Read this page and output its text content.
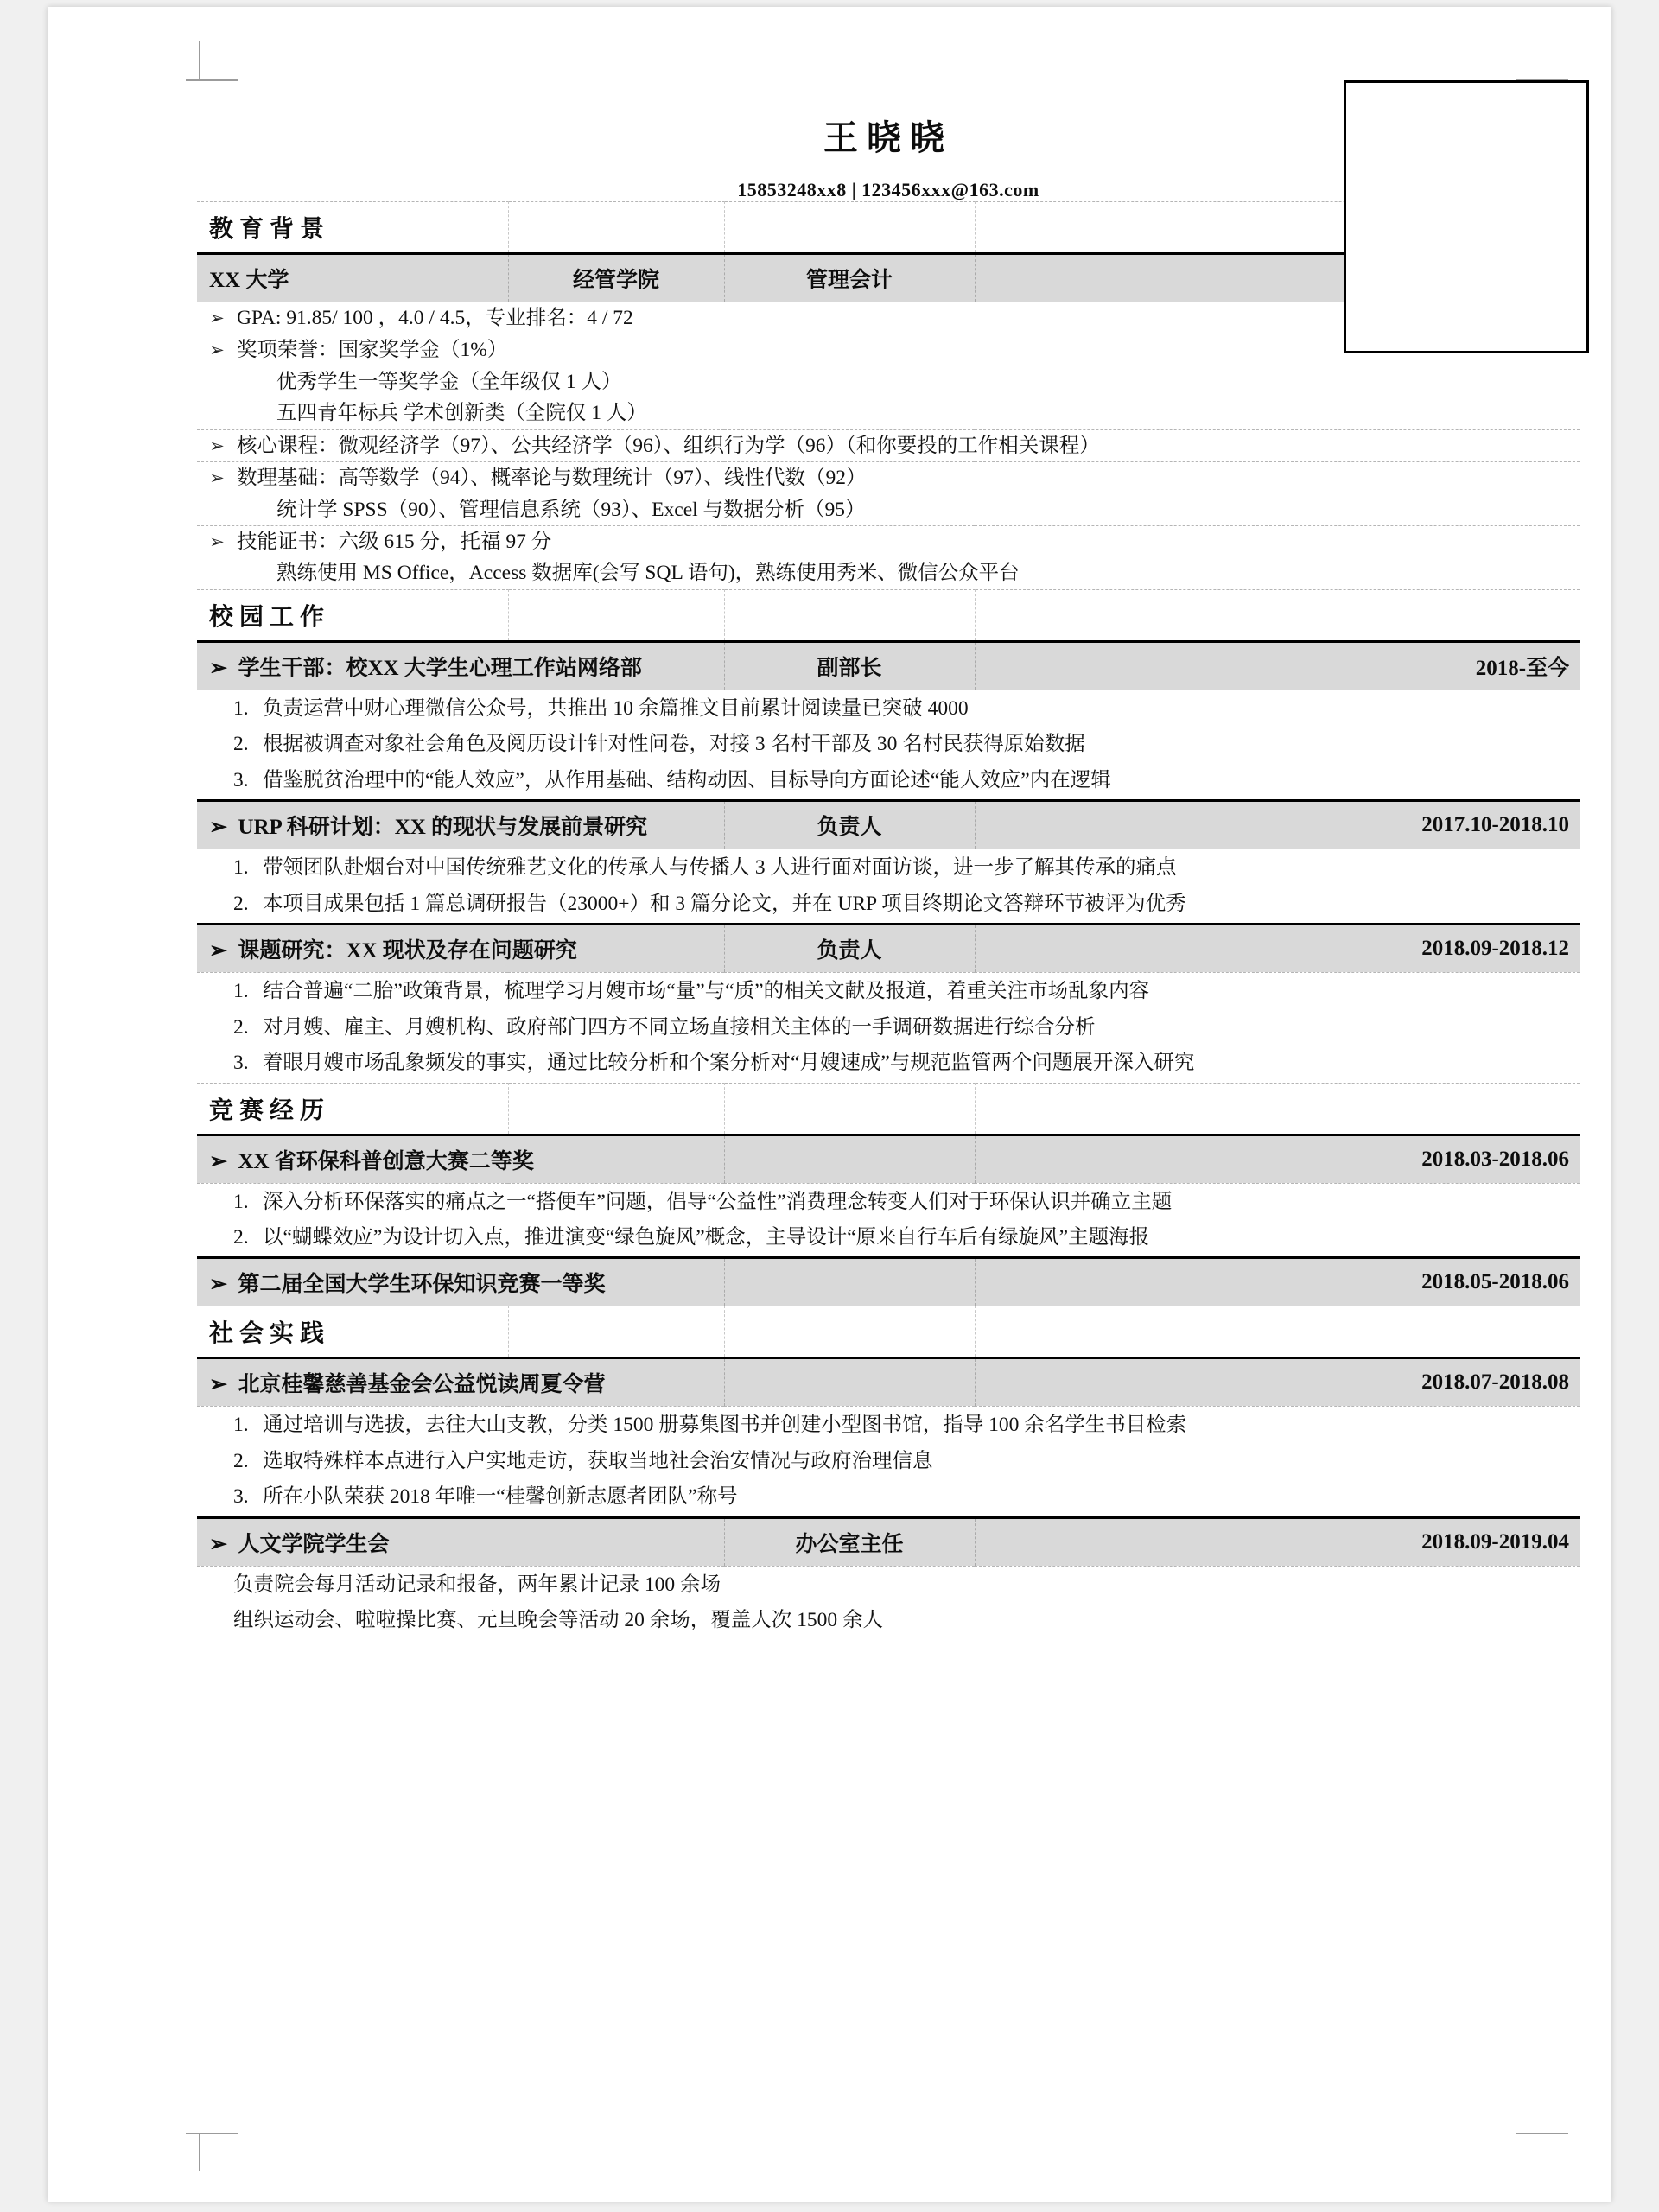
王晓晓
15853248xx8 | 123456xxx@163.com
教育背景

XX 大学	经管学院	管理会计	
➢ GPA: 91.85/ 100 ，4.0 / 4.5，专业排名：4 / 72
➢ 奖项荣誉：国家奖学金（1%）
优秀学生一等奖学金（全年级仅 1 人）
五四青年标兵 学术创新类（全院仅 1 人）
➢ 核心课程：微观经济学（97）、公共经济学（96）、组织行为学（96）（和你要投的工作相关课程）
➢ 数理基础：高等数学（94）、概率论与数理统计（97）、线性代数（92）
统计学 SPSS（90）、管理信息系统（93）、Excel 与数据分析（95）
➢ 技能证书：六级 615 分，托福 97 分
熟练使用 MS Office，Access 数据库(会写 SQL 语句)，熟练使用秀米、微信公众平台
校园工作

➢  学生干部：校XX 大学生心理工作站网络部	副部长	2018-至今
1. 负责运营中财心理微信公众号，共推出 10 余篇推文目前累计阅读量已突破 4000
2. 根据被调查对象社会角色及阅历设计针对性问卷，对接 3 名村干部及 30 名村民获得原始数据
3. 借鉴脱贫治理中的“能人效应”，从作用基础、结构动因、目标导向方面论述“能人效应”内在逻辑
➢  URP 科研计划：XX 的现状与发展前景研究	负责人	2017.10-2018.10
1. 带领团队赴烟台对中国传统雅艺文化的传承人与传播人 3 人进行面对面访谈，进一步了解其传承的痛点
2. 本项目成果包括 1 篇总调研报告（23000+）和 3 篇分论文，并在 URP 项目终期论文答辩环节被评为优秀
➢  课题研究：XX 现状及存在问题研究	负责人	2018.09-2018.12
1. 结合普遍“二胎”政策背景，梳理学习月嫂市场“量”与“质”的相关文献及报道，着重关注市场乱象内容
2. 对月嫂、雇主、月嫂机构、政府部门四方不同立场直接相关主体的一手调研数据进行综合分析
3. 着眼月嫂市场乱象频发的事实，通过比较分析和个案分析对“月嫂速成”与规范监管两个问题展开深入研究
竞赛经历

➢  XX 省环保科普创意大赛二等奖		2018.03-2018.06
1. 深入分析环保落实的痛点之一“搭便车”问题，倡导“公益性”消费理念转变人们对于环保认识并确立主题
2. 以“蝴蝶效应”为设计切入点，推进演变“绿色旋风”概念，主导设计“原来自行车后有绿旋风”主题海报
➢  第二届全国大学生环保知识竞赛一等奖		2018.05-2018.06
社会实践

➢  北京桂馨慈善基金会公益悦读周夏令营		2018.07-2018.08
1. 通过培训与选拔，去往大山支教，分类 1500 册募集图书并创建小型图书馆，指导 100 余名学生书目检索
2. 选取特殊样本点进行入户实地走访，获取当地社会治安情况与政府治理信息
3. 所在小队荣获 2018 年唯一“桂馨创新志愿者团队”称号
➢  人文学院学生会	办公室主任	2018.09-2019.04
负责院会每月活动记录和报备，两年累计记录 100 余场
组织运动会、啦啦操比赛、元旦晚会等活动 20 余场，覆盖人次 1500 余人
